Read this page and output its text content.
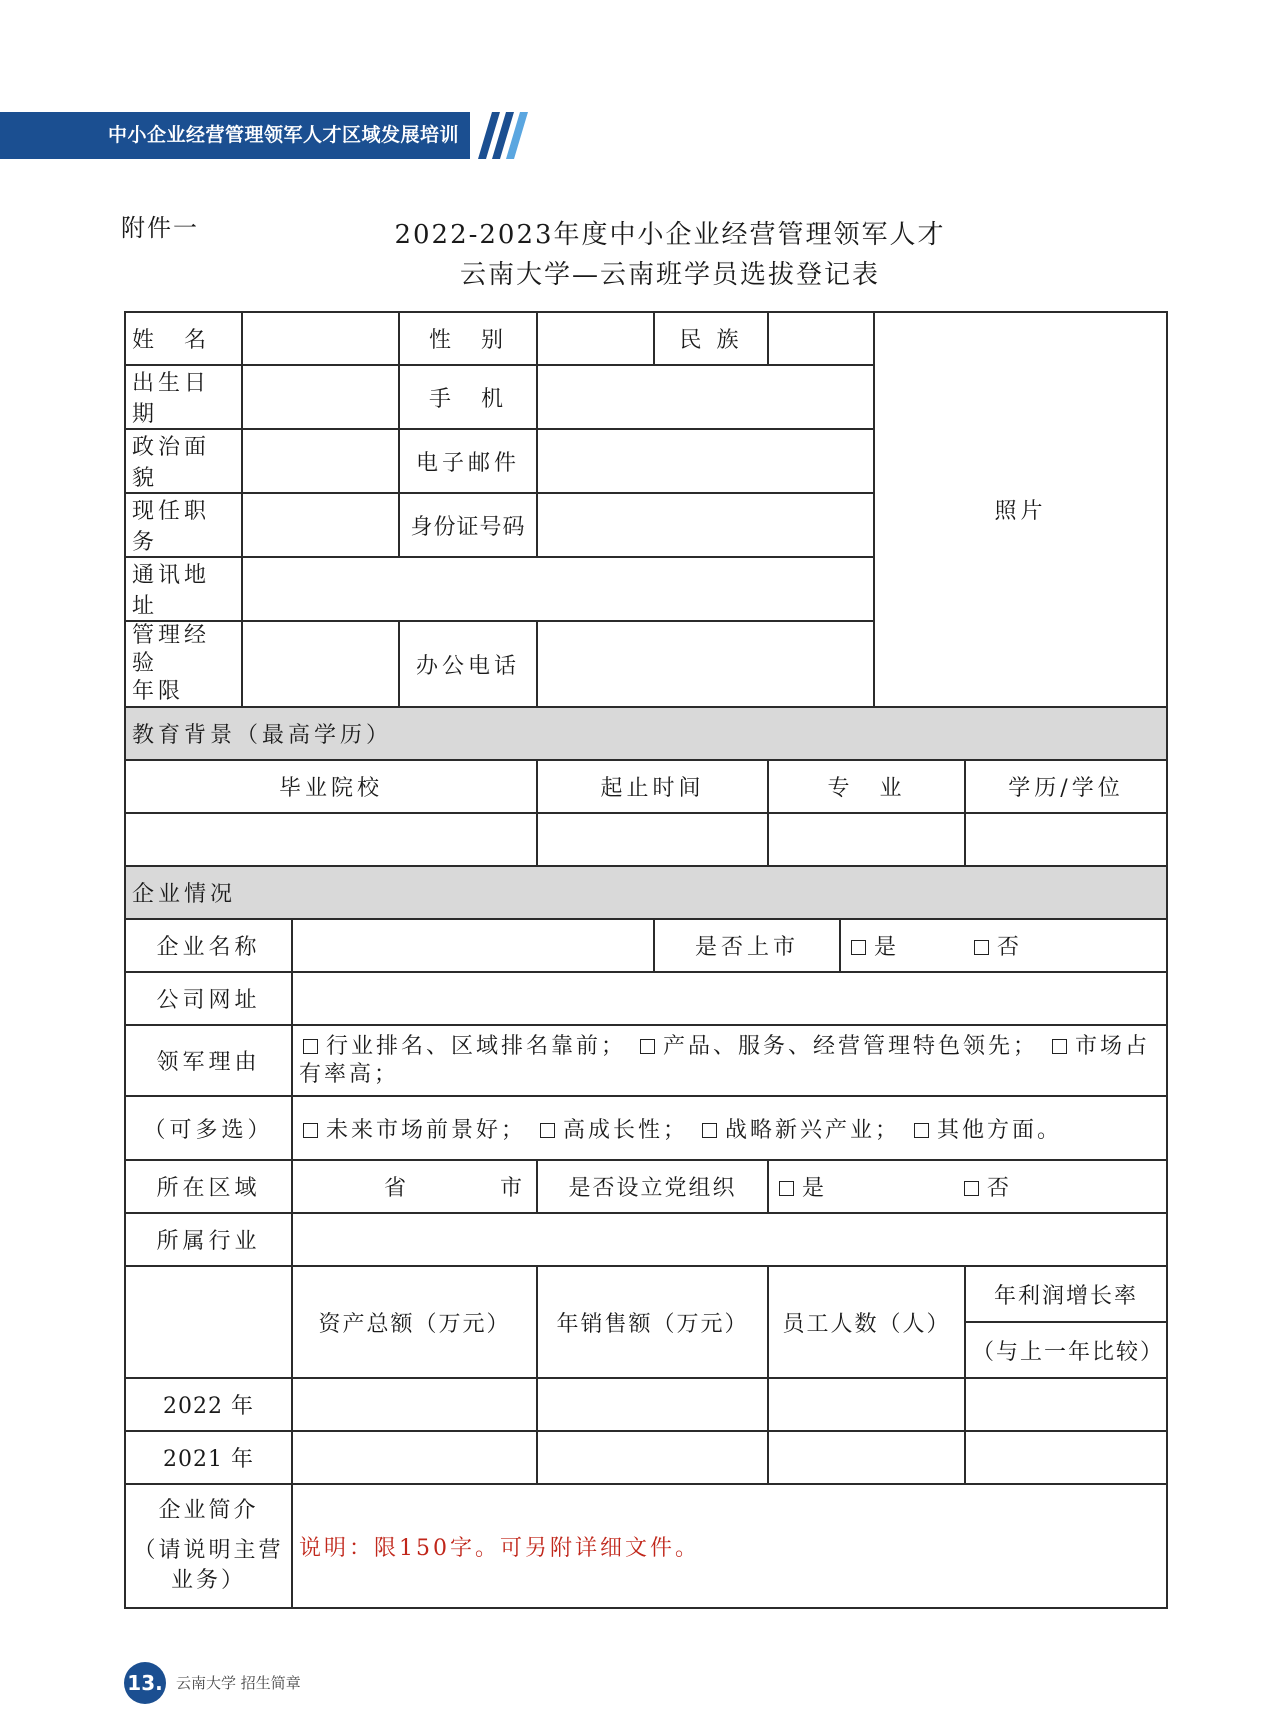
中小企业经营管理领军人才区域发展培训
附件一	2022-2023年度中小企业经营管理领军人才
云南大学—云南班学员选拔登记表
姓　名			性　别		民 族			照片	
出生日期			手　机						
政治面貌			电子邮件						
现任职务			身份证号码						
通讯地址									

管理经验
年限			办公电话						
教育背景（最高学历）									
毕业院校				起止时间		专　业			学历/学位

企业情况									
企业名称					是否上市		是 否		
公司网址									
领军理由		行业排名、区域排名靠前； 产品、服务、经营管理特色领先； 市场占有率高；							
（可多选）		未来市场前景好； 高成长性； 战略新兴产业； 其他方面。							
所在区域		省 市		是否设立党组织		是 否			
所属行业									
		资产总额（万元）		年销售额（万元）		员工人数（人）			年利润增长率
									（与上一年比较）
2022 年									
2021 年									

企业简介
（请说明主营业务）		说明：限150字。可另附详细文件。							
13. 云南大学 招生简章
